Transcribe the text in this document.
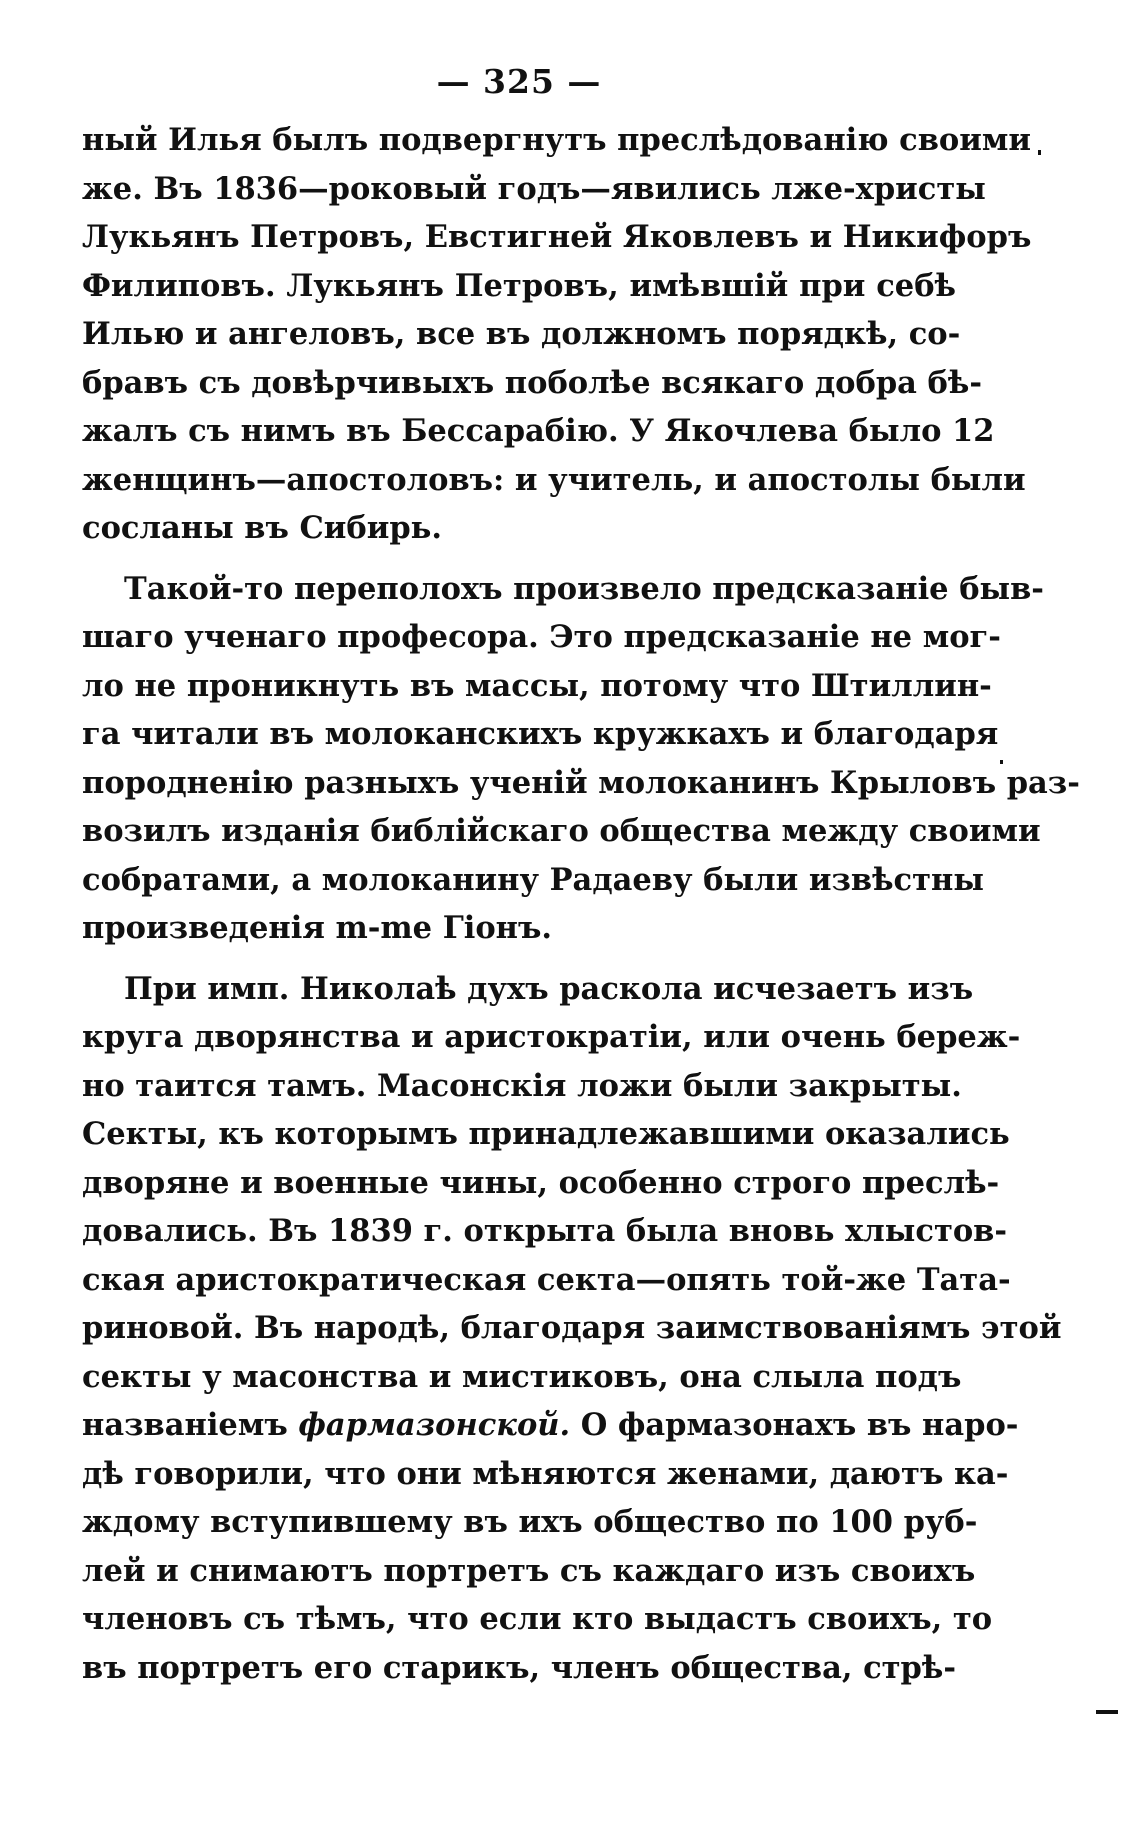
— 325 —
ный Илья былъ подвергнутъ преслѣдованію своими
же. Въ 1836—роковый годъ—явились лже-христы
Лукьянъ Петровъ, Евстигней Яковлевъ и Никифоръ
Филиповъ. Лукьянъ Петровъ, имѣвшій при себѣ
Илью и ангеловъ, все въ должномъ порядкѣ, со-
бравъ съ довѣрчивыхъ поболѣе всякаго добра бѣ-
жалъ съ нимъ въ Бессарабію. У Якочлева было 12
женщинъ—апостоловъ: и учитель, и апостолы были
сосланы въ Сибирь.
Такой-то переполохъ произвело предсказаніе быв-
шаго ученаго професора. Это предсказаніе не мог-
ло не проникнуть въ массы, потому что Штиллин-
га читали въ молоканскихъ кружкахъ и благодаря
породненію разныхъ ученій молоканинъ Крыловъ раз-
возилъ изданія библійскаго общества между своими
собратами, а молоканину Радаеву были извѣстны
произведенія m-me Гіонъ.
При имп. Николаѣ духъ раскола исчезаетъ изъ
круга дворянства и аристократіи, или очень береж-
но таится тамъ. Масонскія ложи были закрыты.
Секты, къ которымъ принадлежавшими оказались
дворяне и военные чины, особенно строго преслѣ-
довались. Въ 1839 г. открыта была вновь хлыстов-
ская аристократическая секта—опять той-же Тата-
риновой. Въ народѣ, благодаря заимствованіямъ этой
секты у масонства и мистиковъ, она слыла подъ
названіемъ фармазонской. О фармазонахъ въ наро-
дѣ говорили, что они мѣняются женами, даютъ ка-
ждому вступившему въ ихъ общество по 100 руб-
лей и снимаютъ портретъ съ каждаго изъ своихъ
членовъ съ тѣмъ, что если кто выдастъ своихъ, то
въ портретъ его старикъ, членъ общества, стрѣ-
